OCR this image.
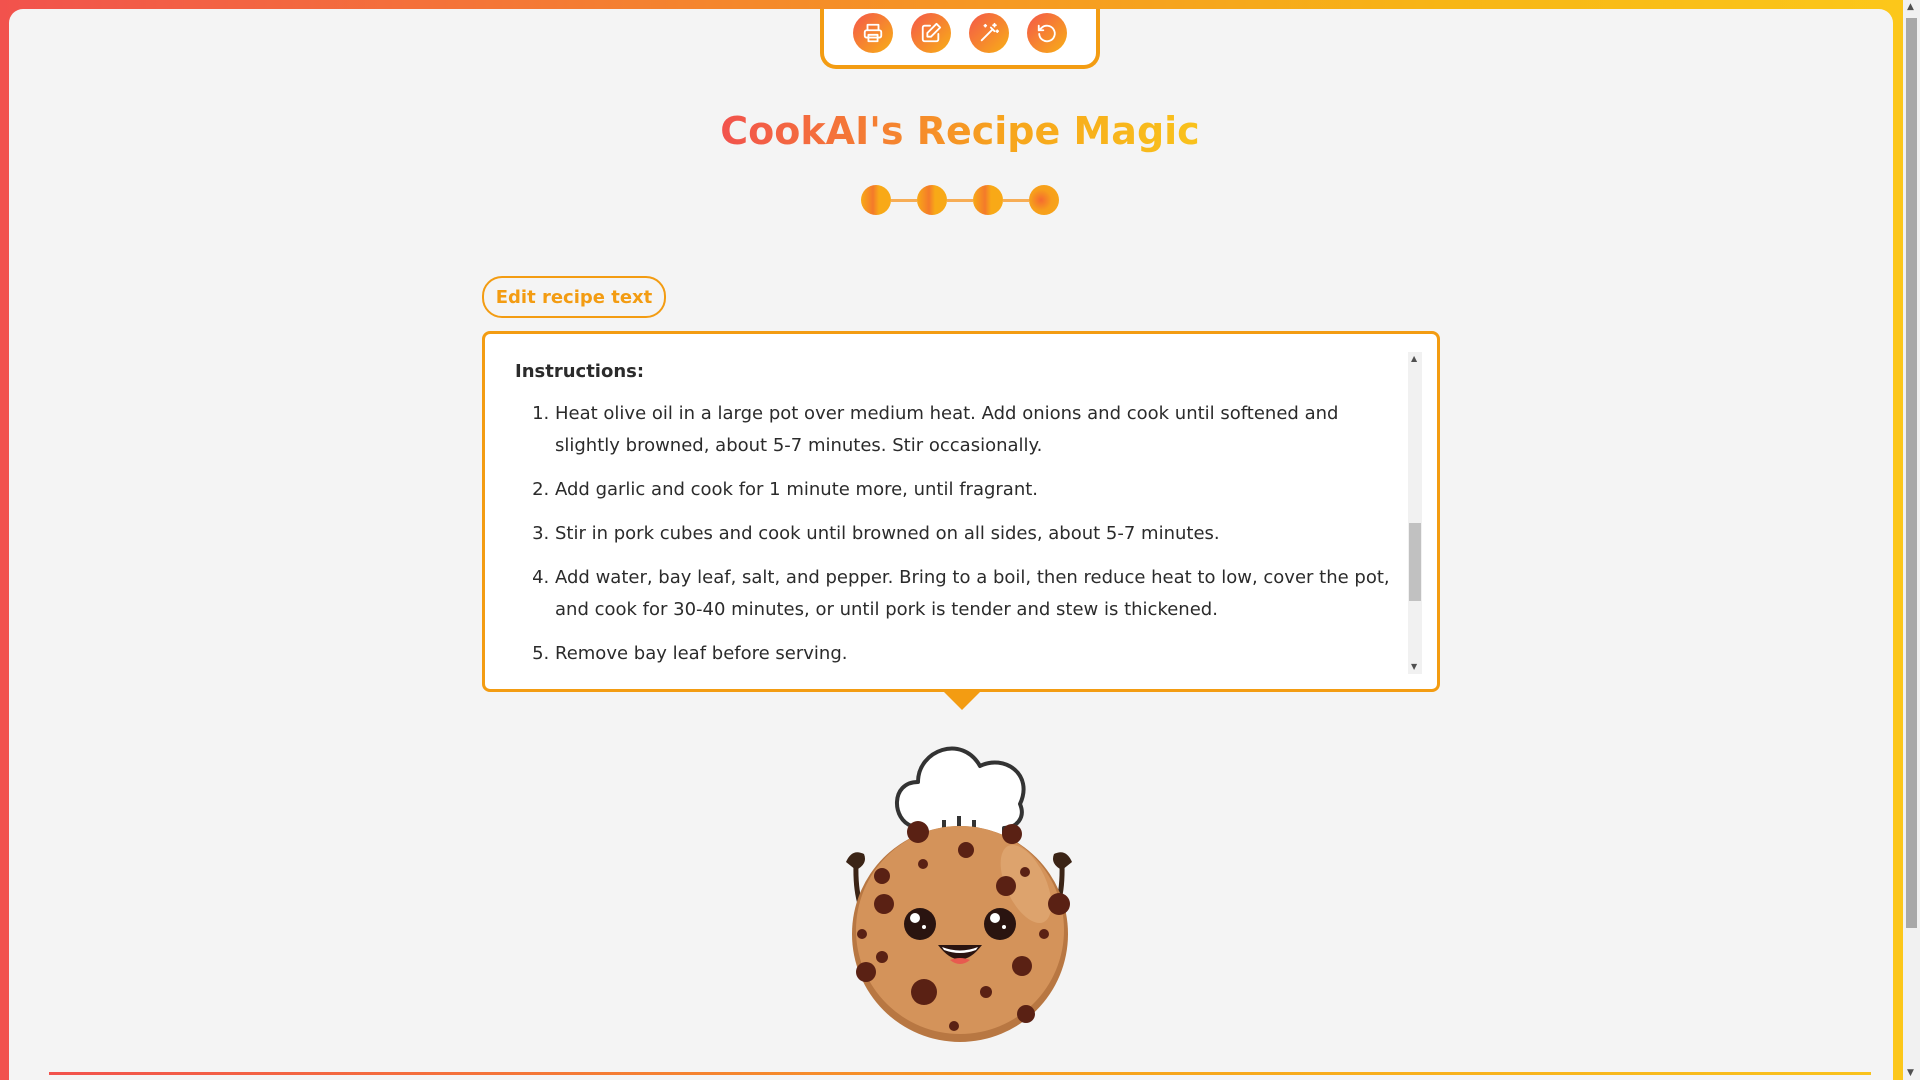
CookAI's Recipe Magic
Edit recipe text
Instructions:
1. Heat olive oil in a large pot over medium heat. Add onions and cook until softened and slightly browned, about 5-7 minutes. Stir occasionally.
2. Add garlic and cook for 1 minute more, until fragrant.
3. Stir in pork cubes and cook until browned on all sides, about 5-7 minutes.
4. Add water, bay leaf, salt, and pepper. Bring to a boil, then reduce heat to low, cover the pot, and cook for 30-40 minutes, or until pork is tender and stew is thickened.
5. Remove bay leaf before serving.
▲
▼
▲
▼
